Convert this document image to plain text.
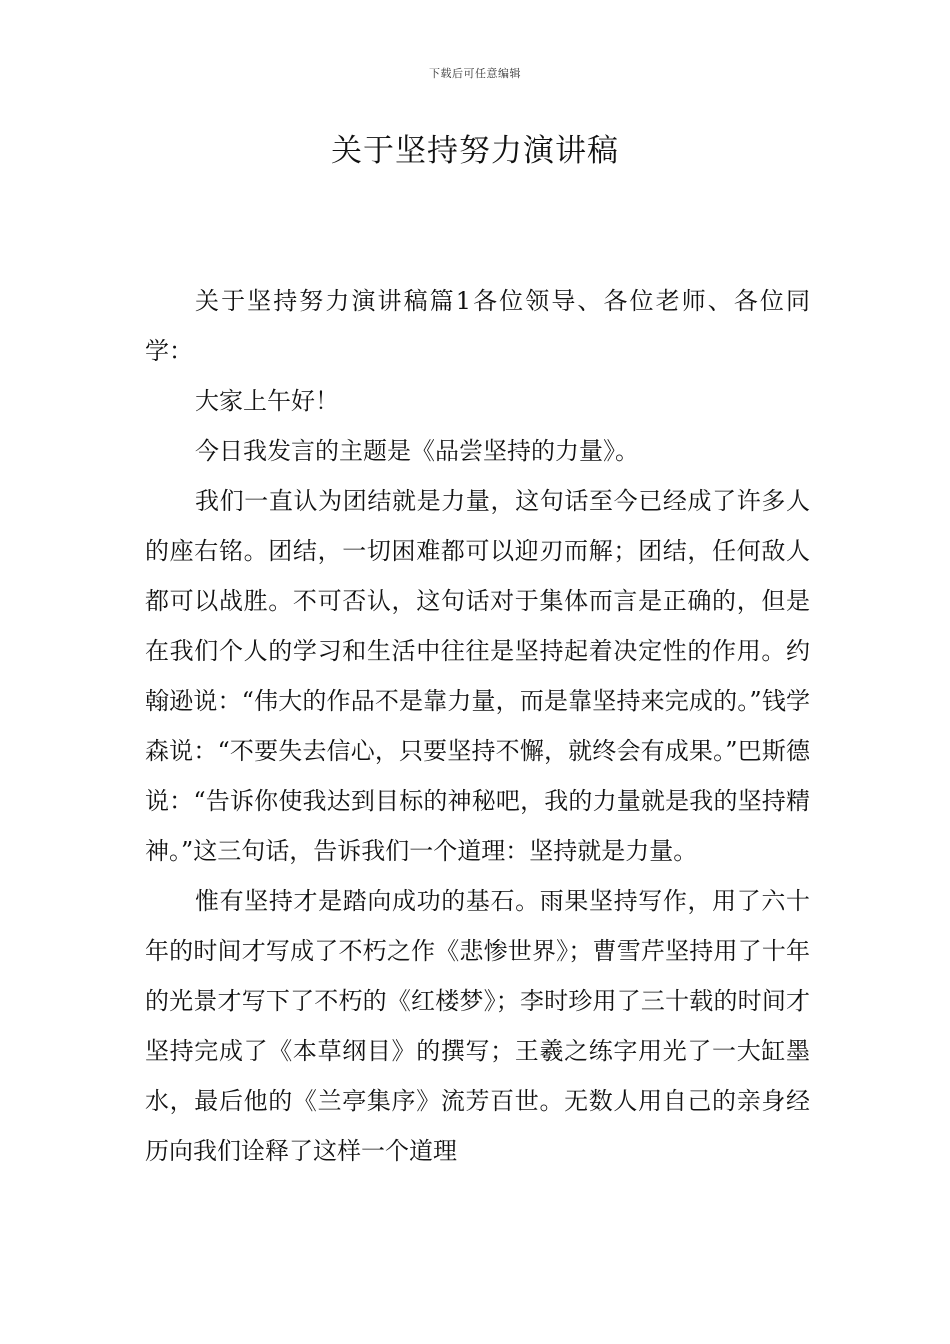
下载后可任意编辑
关于坚持努力演讲稿

关于坚持努力演讲稿篇1各位领导、各位老师、各位同学：

大家上午好！

今日我发言的主题是《品尝坚持的力量》。

我们一直认为团结就是力量，这句话至今已经成了许多人的座右铭。团结，一切困难都可以迎刃而解；团结，任何敌人都可以战胜。不可否认，这句话对于集体而言是正确的，但是在我们个人的学习和生活中往往是坚持起着决定性的作用。约翰逊说：“伟大的作品不是靠力量，而是靠坚持来完成的。”钱学森说：“不要失去信心，只要坚持不懈，就终会有成果。”巴斯德说：“告诉你使我达到目标的神秘吧，我的力量就是我的坚持精神。”这三句话，告诉我们一个道理：坚持就是力量。

惟有坚持才是踏向成功的基石。雨果坚持写作，用了六十年的时间才写成了不朽之作《悲惨世界》；曹雪芹坚持用了十年的光景才写下了不朽的《红楼梦》；李时珍用了三十载的时间才坚持完成了《本草纲目》的撰写；王羲之练字用光了一大缸墨水，最后他的《兰亭集序》流芳百世。无数人用自己的亲身经历向我们诠释了这样一个道理
